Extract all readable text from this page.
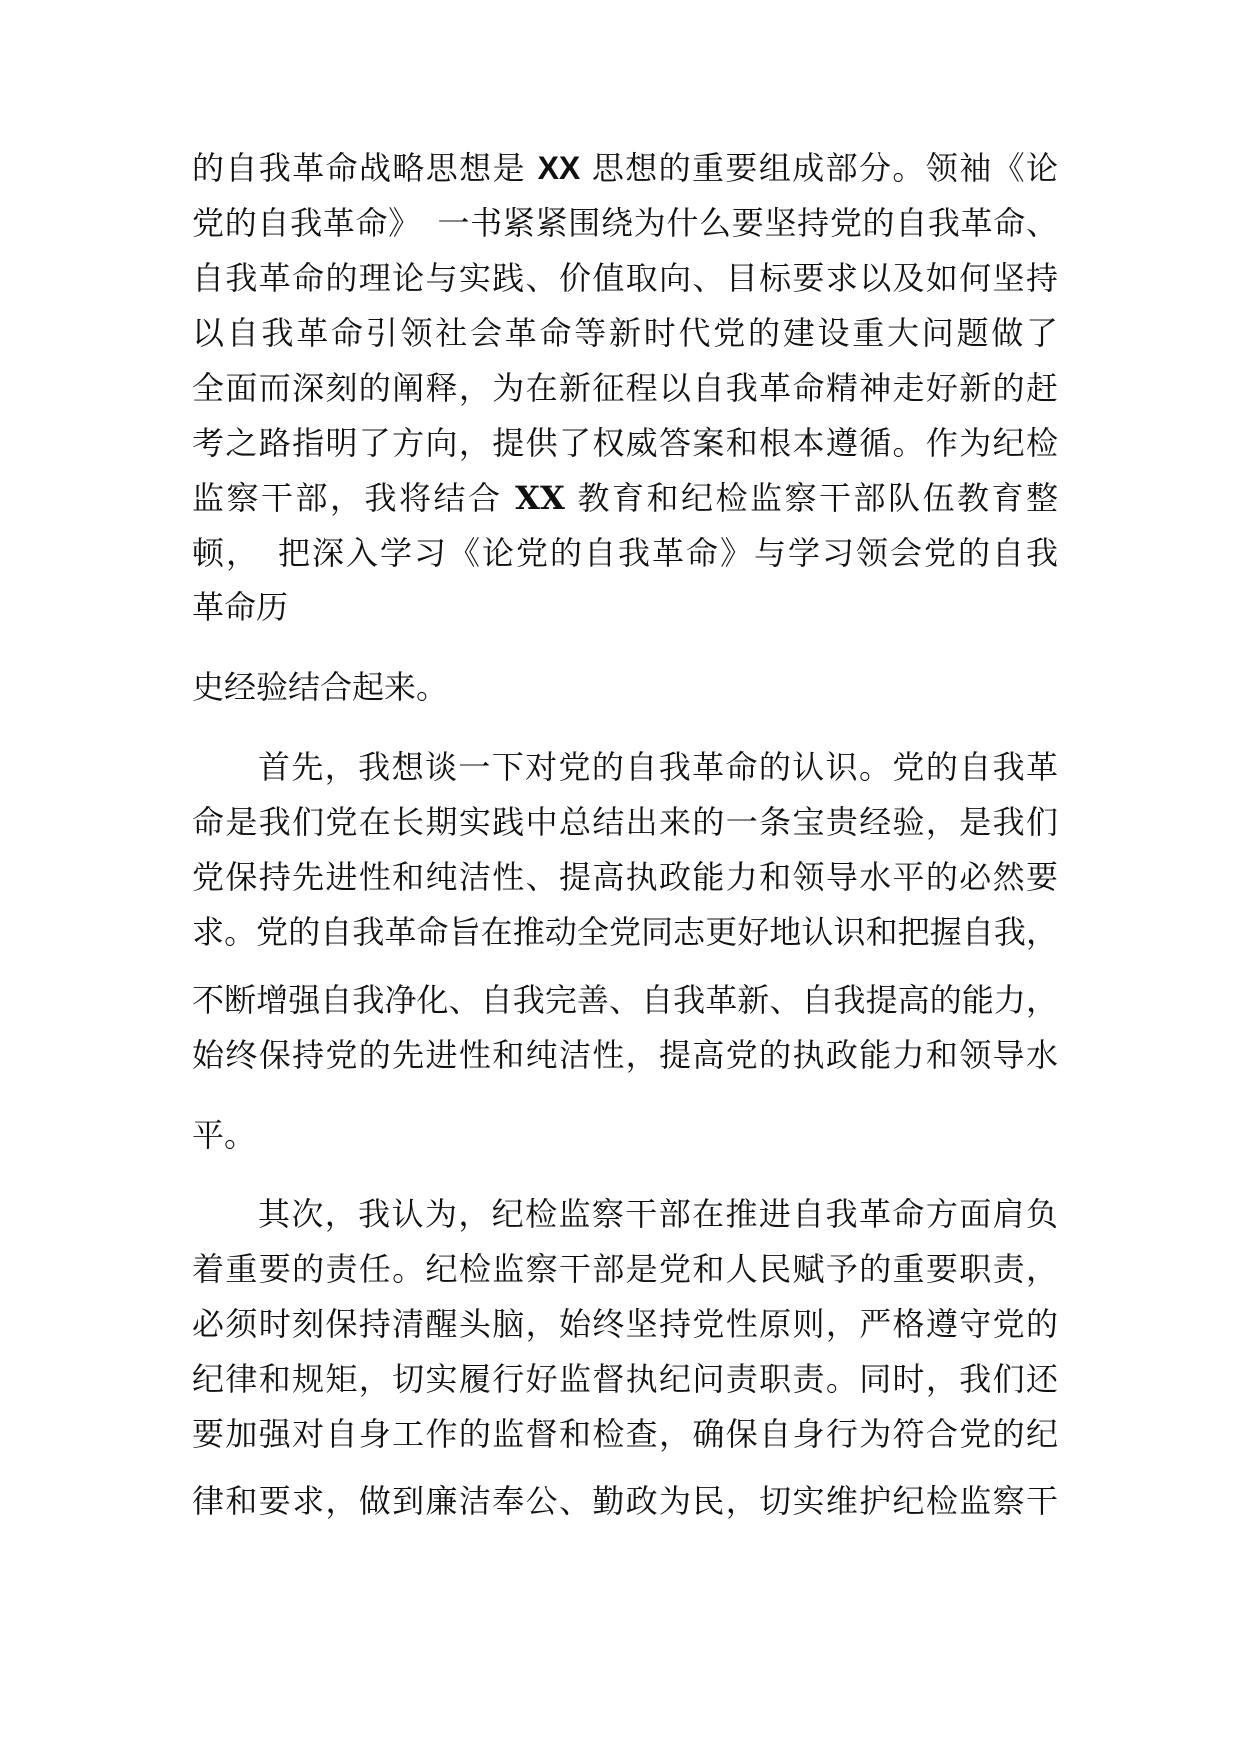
的自我革命战略思想是 XX 思想的重要组成部分。领袖《论

党的自我革命》　一书紧紧围绕为什么要坚持党的自我革命、

自我革命的理论与实践、价值取向、目标要求以及如何坚持

以自我革命引领社会革命等新时代党的建设重大问题做了

全面而深刻的阐释，为在新征程以自我革命精神走好新的赶

考之路指明了方向，提供了权威答案和根本遵循。作为纪检

监察干部，我将结合 XX 教育和纪检监察干部队伍教育整

顿，　把深入学习《论党的自我革命》与学习领会党的自我

革命历

史经验结合起来。

首先，我想谈一下对党的自我革命的认识。党的自我革

命是我们党在长期实践中总结出来的一条宝贵经验，是我们

党保持先进性和纯洁性、提高执政能力和领导水平的必然要

求。党的自我革命旨在推动全党同志更好地认识和把握自我，

不断增强自我净化、自我完善、自我革新、自我提高的能力，

始终保持党的先进性和纯洁性，提高党的执政能力和领导水

平。

其次，我认为，纪检监察干部在推进自我革命方面肩负

着重要的责任。纪检监察干部是党和人民赋予的重要职责，

必须时刻保持清醒头脑，始终坚持党性原则，严格遵守党的

纪律和规矩，切实履行好监督执纪问责职责。同时，我们还

要加强对自身工作的监督和检查，确保自身行为符合党的纪

律和要求，做到廉洁奉公、勤政为民，切实维护纪检监察干
